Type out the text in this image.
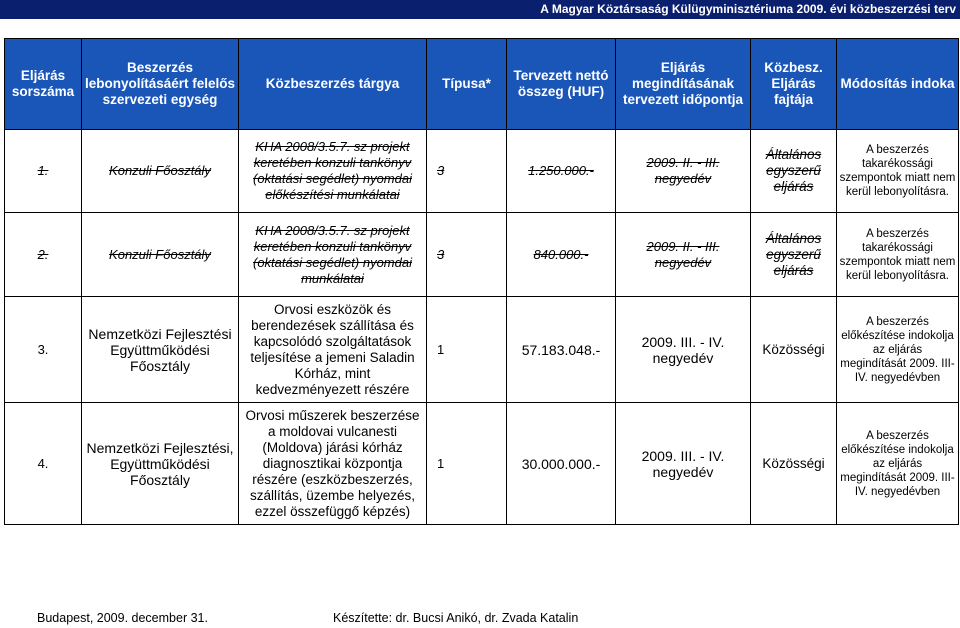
A Magyar Köztársaság Külügyminisztériuma 2009. évi közbeszerzési terv
Eljárás sorszáma	Beszerzés lebonyolításáért felelős szervezeti egység	Közbeszerzés tárgya	Típusa*	Tervezett nettó összeg (HUF)	Eljárás megindításának tervezett időpontja	Közbesz. Eljárás fajtája	Módosítás indoka
1.	Konzuli Főosztály	KHA 2008/3.5.7. sz projekt keretében konzuli tankönyv (oktatási segédlet) nyomdai előkészítési munkálatai	3	1.250.000.-	2009. II. - III. negyedév	Általános egyszerű eljárás	A beszerzés takarékossági szempontok miatt nem kerül lebonyolításra.
2.	Konzuli Főosztály	KHA 2008/3.5.7. sz projekt keretében konzuli tankönyv (oktatási segédlet) nyomdai munkálatai	3	840.000.-	2009. II. - III. negyedév	Általános egyszerű eljárás	A beszerzés takarékossági szempontok miatt nem kerül lebonyolításra.
3.	Nemzetközi Fejlesztési Együttműködési Főosztály	Orvosi eszközök és berendezések szállítása és kapcsolódó szolgáltatások teljesítése a jemeni Saladin Kórház, mint kedvezményezett részére	1	57.183.048.-	2009. III. - IV. negyedév	Közösségi	A beszerzés előkészítése indokolja az eljárás megindítását 2009. III-IV. negyedévben
4.	Nemzetközi Fejlesztési, Együttműködési Főosztály	Orvosi műszerek beszerzése a moldovai vulcanesti (Moldova) járási kórház diagnosztikai központja részére (eszközbeszerzés, szállítás, üzembe helyezés, ezzel összefüggő képzés)	1	30.000.000.-	2009. III. - IV. negyedév	Közösségi	A beszerzés előkészítése indokolja az eljárás megindítását 2009. III-IV. negyedévben
Budapest, 2009. december 31.	Készítette: dr. Bucsi Anikó, dr. Zvada Katalin
